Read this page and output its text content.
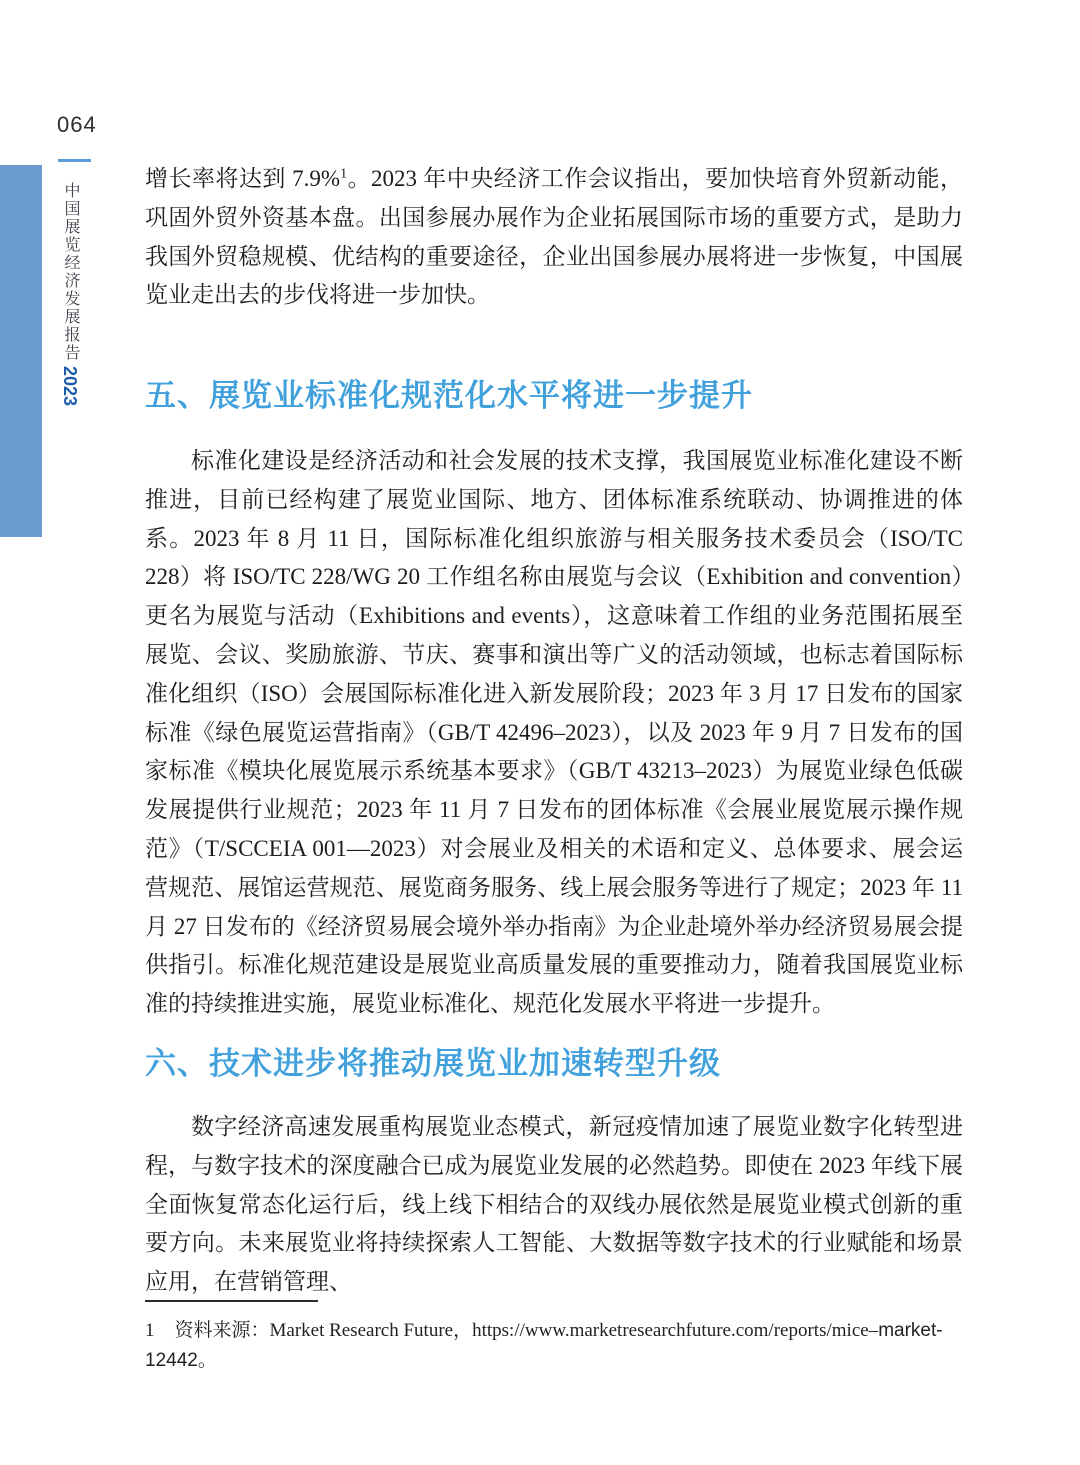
064
中国展览经济发展报告2023

增长率将达到 7.9%$^1$。2023 年中央经济工作会议指出，要加快培育外贸新动能，巩固外贸外资基本盘。出国参展办展作为企业拓展国际市场的重要方式，是助力我国外贸稳规模、优结构的重要途径，企业出国参展办展将进一步恢复，中国展览业走出去的步伐将进一步加快。

五、展览业标准化规范化水平将进一步提升

标准化建设是经济活动和社会发展的技术支撑，我国展览业标准化建设不断推进，目前已经构建了展览业国际、地方、团体标准系统联动、协调推进的体系。2023 年 8 月 11 日，国际标准化组织旅游与相关服务技术委员会（ISO/TC 228）将 ISO/TC 228/WG 20 工作组名称由展览与会议（Exhibition and convention）更名为展览与活动（Exhibitions and events），这意味着工作组的业务范围拓展至展览、会议、奖励旅游、节庆、赛事和演出等广义的活动领域，也标志着国际标准化组织（ISO）会展国际标准化进入新发展阶段；2023 年 3 月 17 日发布的国家标准《绿色展览运营指南》（GB/T 42496–2023），以及 2023 年 9 月 7 日发布的国家标准《模块化展览展示系统基本要求》（GB/T 43213–2023）为展览业绿色低碳发展提供行业规范；2023 年 11 月 7 日发布的团体标准《会展业展览展示操作规范》（T/SCCEIA 001—2023）对会展业及相关的术语和定义、总体要求、展会运营规范、展馆运营规范、展览商务服务、线上展会服务等进行了规定；2023 年 11 月 27 日发布的《经济贸易展会境外举办指南》为企业赴境外举办经济贸易展会提供指引。标准化规范建设是展览业高质量发展的重要推动力，随着我国展览业标准的持续推进实施，展览业标准化、规范化发展水平将进一步提升。

六、技术进步将推动展览业加速转型升级

数字经济高速发展重构展览业态模式，新冠疫情加速了展览业数字化转型进程，与数字技术的深度融合已成为展览业发展的必然趋势。即使在 2023 年线下展全面恢复常态化运行后，线上线下相结合的双线办展依然是展览业模式创新的重要方向。未来展览业将持续探索人工智能、大数据等数字技术的行业赋能和场景应用，在营销管理、

1 资料来源：Market Research Future，https://www.marketresearchfuture.com/reports/mice–market-12442。
